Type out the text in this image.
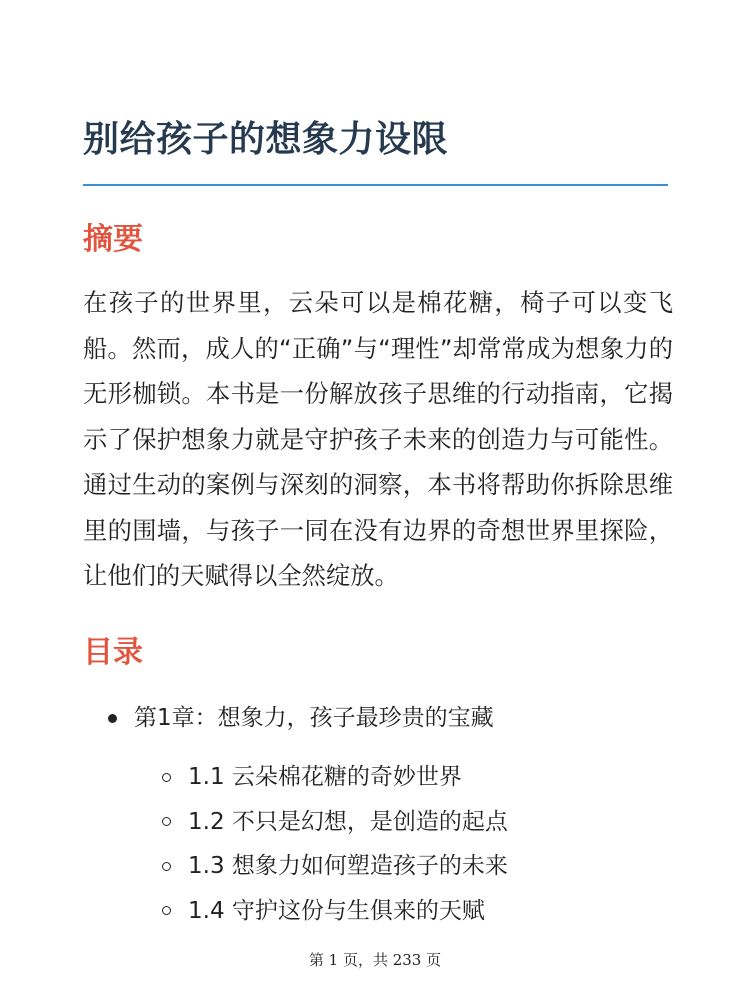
别给孩子的想象力设限
摘要

在孩子的世界里，云朵可以是棉花糖，椅子可以变飞船。然而，成人的“正确”与“理性”却常常成为想象力的无形枷锁。本书是一份解放孩子思维的行动指南，它揭示了保护想象力就是守护孩子未来的创造力与可能性。通过生动的案例与深刻的洞察，本书将帮助你拆除思维里的围墙，与孩子一同在没有边界的奇想世界里探险，让他们的天赋得以全然绽放。

目录
第1章：想象力，孩子最珍贵的宝藏
1.1 云朵棉花糖的奇妙世界
1.2 不只是幻想，是创造的起点
1.3 想象力如何塑造孩子的未来
1.4 守护这份与生俱来的天赋
第 1 页，共 233 页
